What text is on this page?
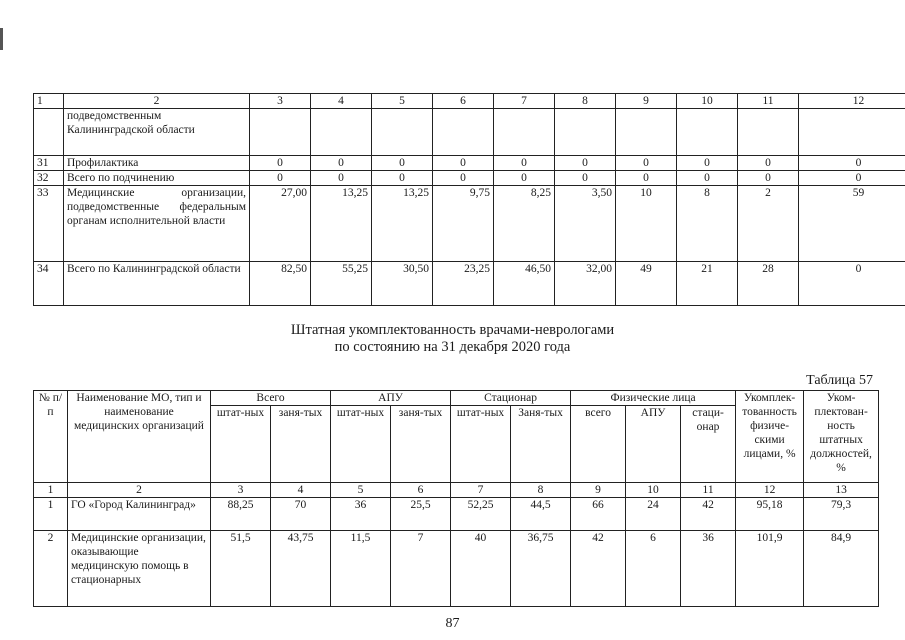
1	2	3	4	5	6	7	8	9	10	11	12
	подведомственным Калининградской области										
31	Профилактика	0	0	0	0	0	0	0	0	0	0
32	Всего по подчинению	0	0	0	0	0	0	0	0	0	0
33	Медицинские организации, подведомственные федеральным органам исполнительной власти	27,00	13,25	13,25	9,75	8,25	3,50	10	8	2	59
34	Всего по Калининградской области	82,50	55,25	30,50	23,25	46,50	32,00	49	21	28	0
Штатная укомплектованность врачами-неврологами
по состоянию на 31 декабря 2020 года
Таблица 57
№ п/п	Наименование МО, тип и наименование медицинских организаций	Всего		АПУ		Стационар		Физические лица			Укомплек-тованность физиче-скими лицами, %	Уком-плектован-ность штатных должностей, %
		штат-ных	заня-тых	штат-ных	заня-тых	штат-ных	Заня-тых	всего	АПУ	стаци-онар		
1	2	3	4	5	6	7	8	9	10	11	12	13
1	ГО «Город Калининград»	88,25	70	36	25,5	52,25	44,5	66	24	42	95,18	79,3
2	Медицинские организации, оказывающие медицинскую помощь в стационарных	51,5	43,75	11,5	7	40	36,75	42	6	36	101,9	84,9
87
